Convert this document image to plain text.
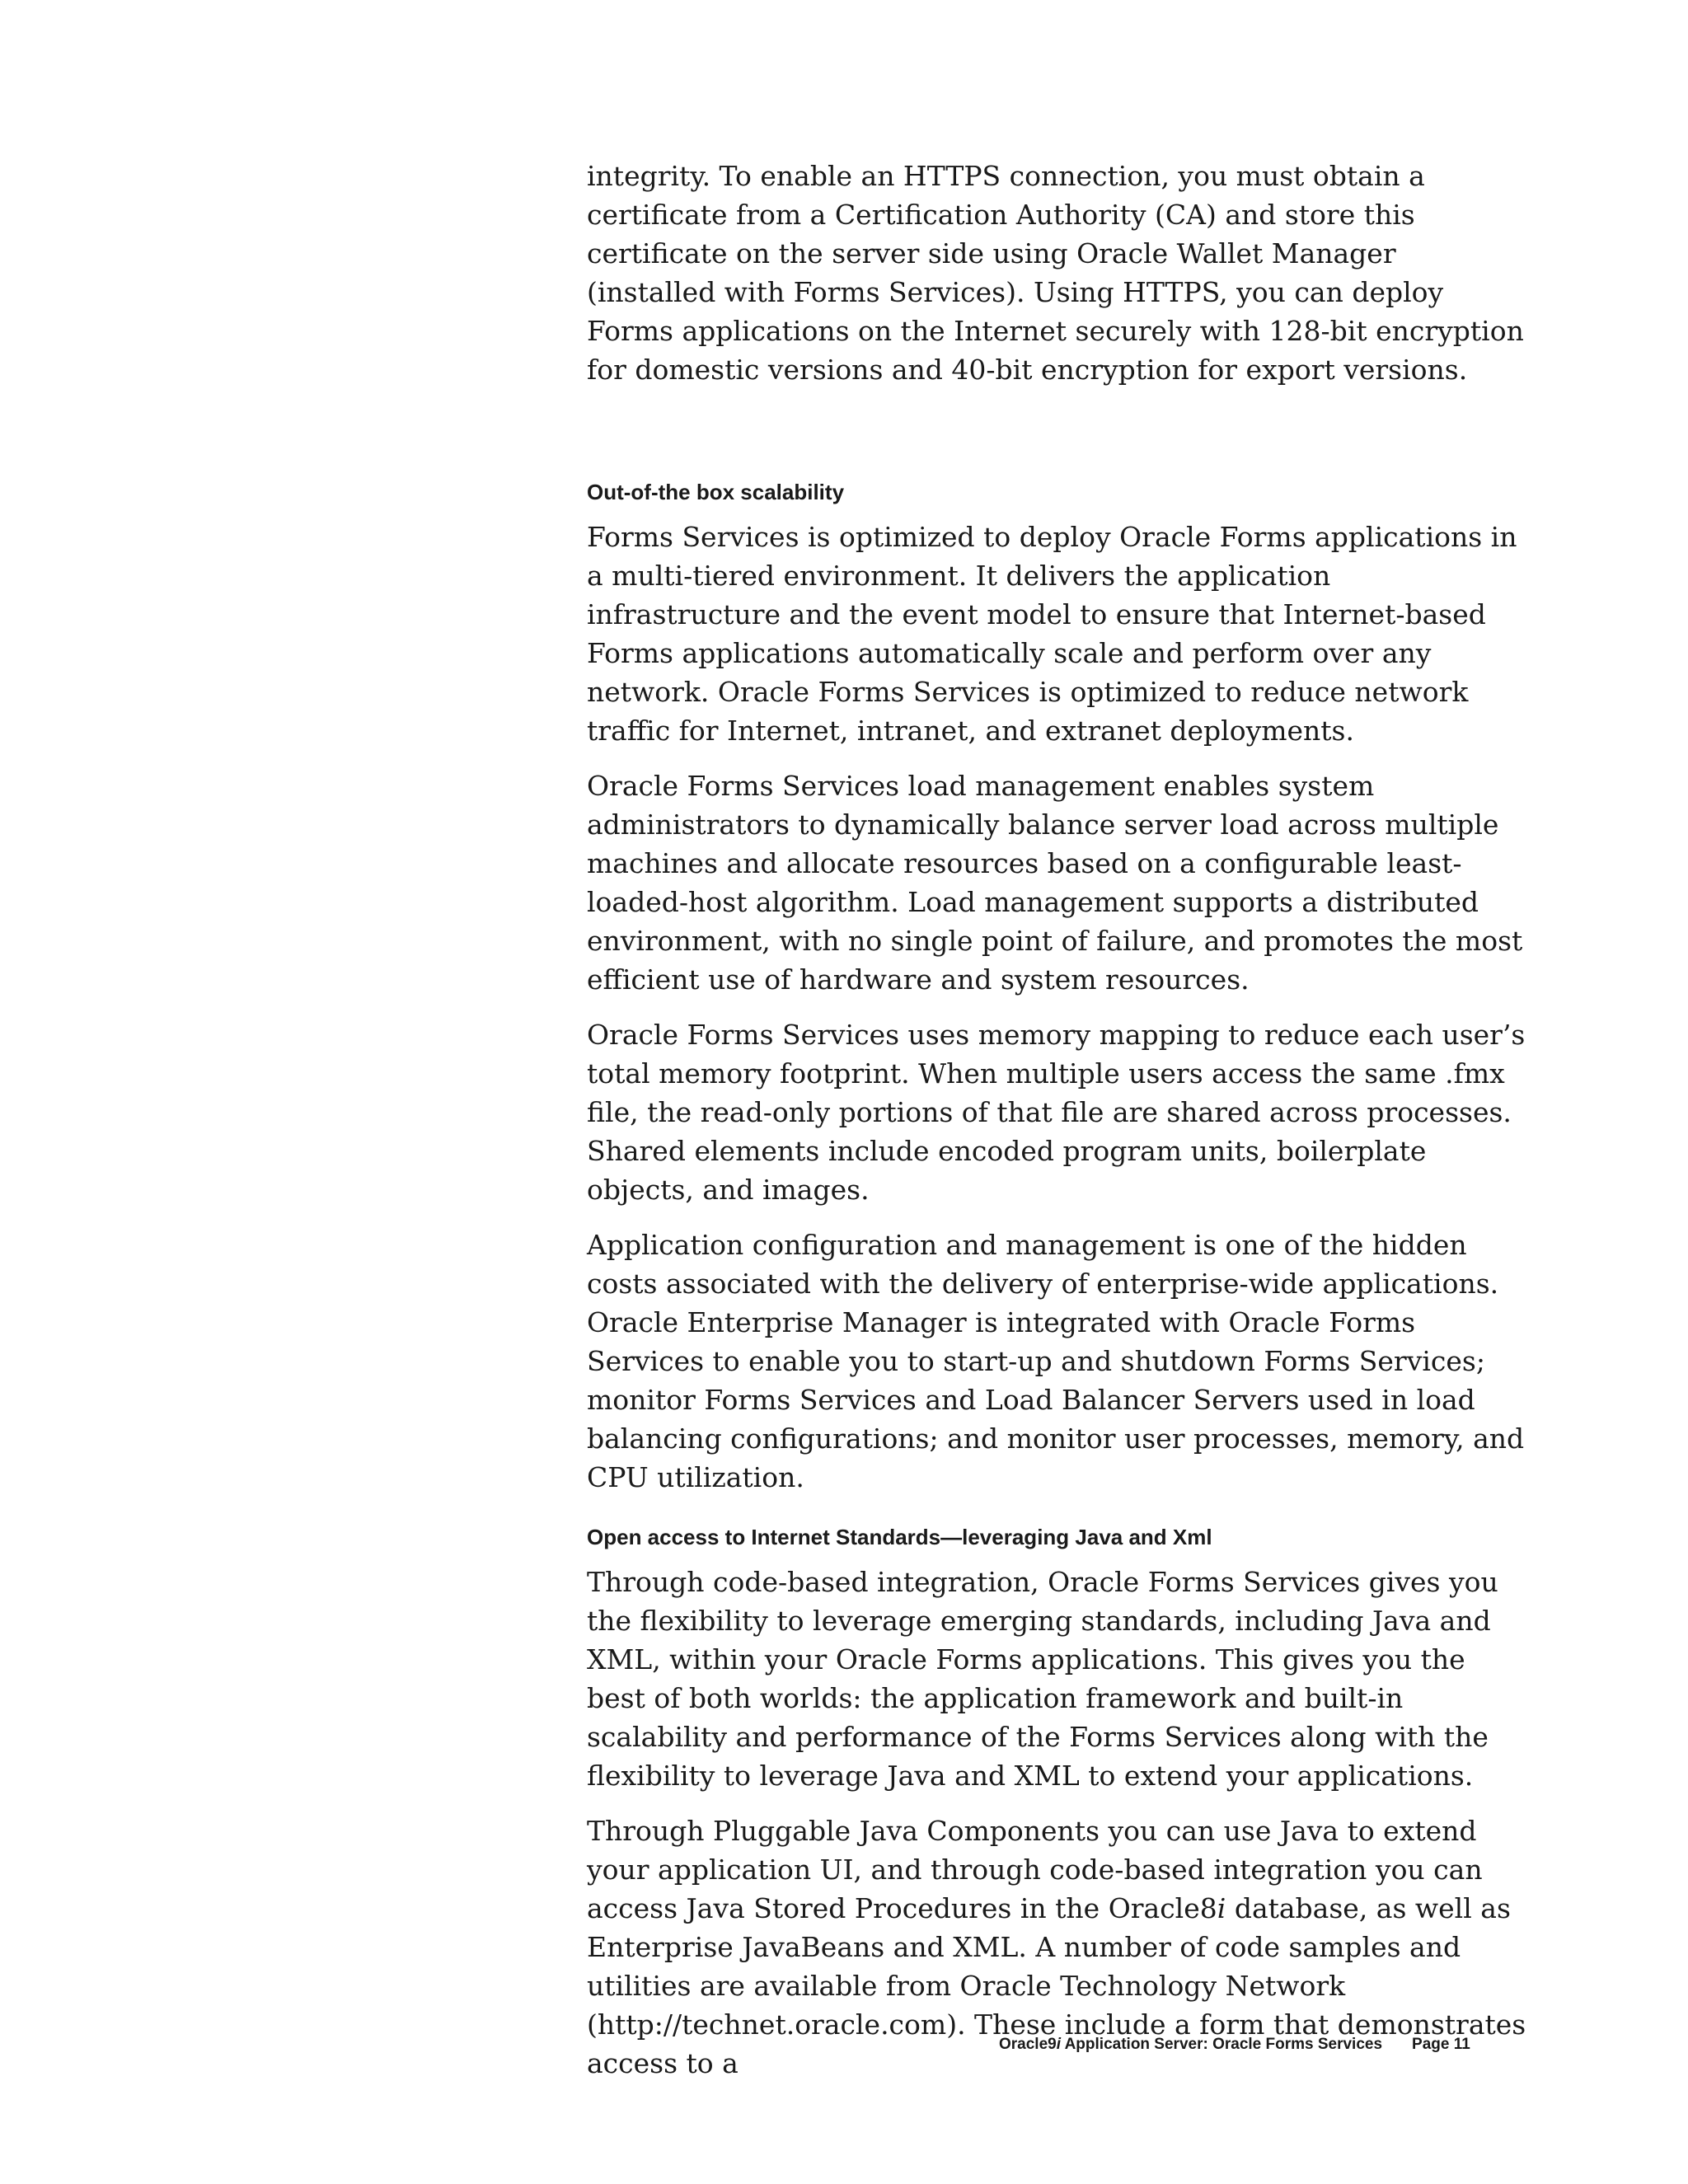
integrity. To enable an HTTPS connection, you must obtain a certificate from a Certification Authority (CA) and store this certificate on the server side using Oracle Wallet Manager (installed with Forms Services). Using HTTPS, you can deploy Forms applications on the Internet securely with 128-bit encryption for domestic versions and 40-bit encryption for export versions.

Out-of-the box scalability

Forms Services is optimized to deploy Oracle Forms applications in a multi-tiered environment. It delivers the application infrastructure and the event model to ensure that Internet-based Forms applications automatically scale and perform over any network. Oracle Forms Services is optimized to reduce network traffic for Internet, intranet, and extranet deployments.

Oracle Forms Services load management enables system administrators to dynamically balance server load across multiple machines and allocate resources based on a configurable least-loaded-host algorithm. Load management supports a distributed environment, with no single point of failure, and promotes the most efficient use of hardware and system resources.

Oracle Forms Services uses memory mapping to reduce each user’s total memory footprint. When multiple users access the same .fmx file, the read-only portions of that file are shared across processes. Shared elements include encoded program units, boilerplate objects, and images.

Application configuration and management is one of the hidden costs associated with the delivery of enterprise-wide applications. Oracle Enterprise Manager is integrated with Oracle Forms Services to enable you to start-up and shutdown Forms Services; monitor Forms Services and Load Balancer Servers used in load balancing configurations; and monitor user processes, memory, and CPU utilization.

Open access to Internet Standards—leveraging Java and Xml

Through code-based integration, Oracle Forms Services gives you the flexibility to leverage emerging standards, including Java and XML, within your Oracle Forms applications. This gives you the best of both worlds: the application framework and built-in scalability and performance of the Forms Services along with the flexibility to leverage Java and XML to extend your applications.

Through Pluggable Java Components you can use Java to extend your application UI, and through code-based integration you can access Java Stored Procedures in the Oracle8i database, as well as Enterprise JavaBeans and XML. A number of code samples and utilities are available from Oracle Technology Network (http://technet.oracle.com). These include a form that demonstrates access to a

Oracle9i Application Server: Oracle Forms Services Page 11
